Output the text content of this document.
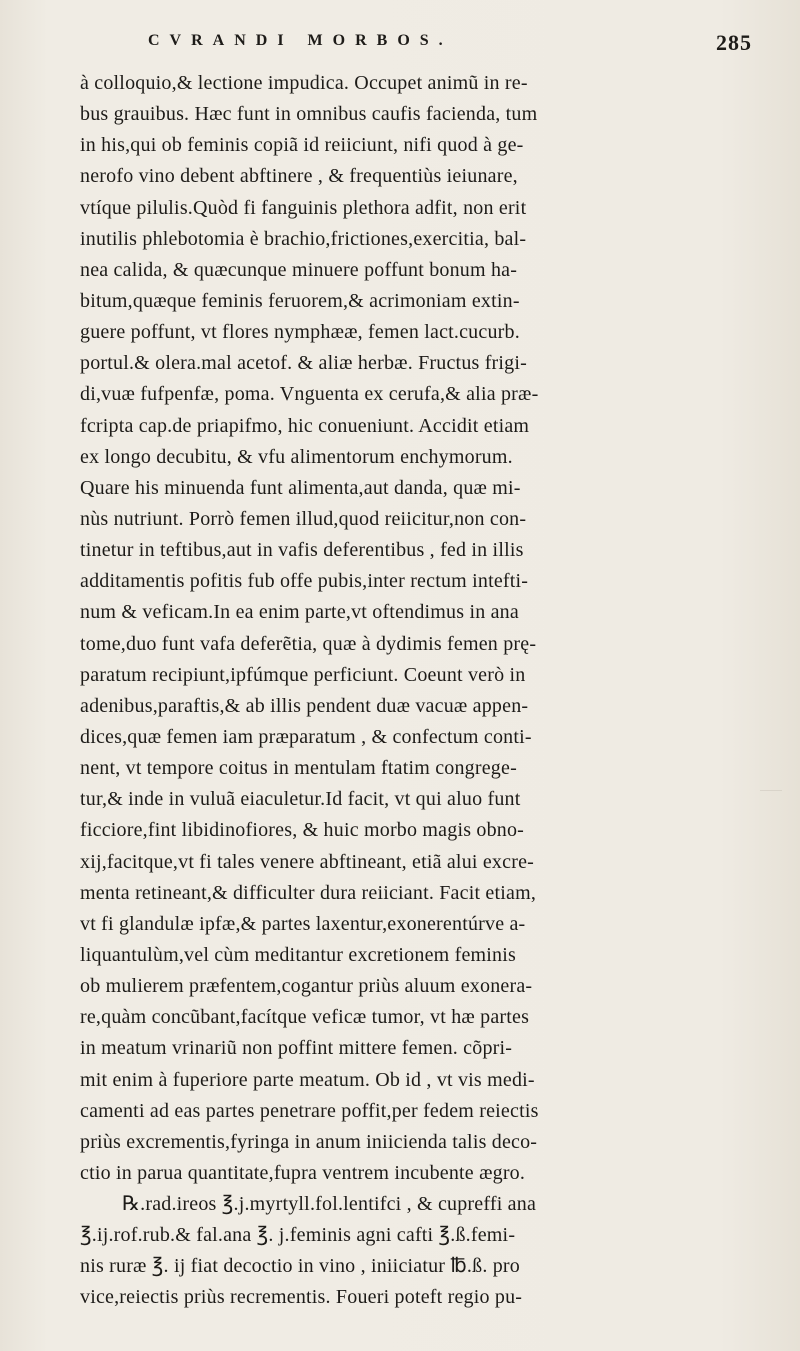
CVRANDI MORBOS.	285
à colloquio,& lectione impudica. Occupet animũ in re-
bus grauibus. Hæc funt in omnibus caufis facienda, tum
in his,qui ob feminis copiã id reiiciunt, nifi quod à ge-
nerofo vino debent abftinere , & frequentiùs ieiunare,
vtíque pilulis.Quòd fi fanguinis plethora adfit, non erit
inutilis phlebotomia è brachio,frictiones,exercitia, bal-
nea calida, & quæcunque minuere poffunt bonum ha-
bitum,quæque feminis feruorem,& acrimoniam extin-
guere poffunt, vt flores nymphææ, femen lact.cucurb.
portul.& olera.mal acetof. & aliæ herbæ. Fructus frigi-
di,vuæ fufpenfæ, poma. Vnguenta ex cerufa,& alia præ-
fcripta cap.de priapifmo, hic conueniunt. Accidit etiam
ex longo decubitu, & vfu alimentorum enchymorum.
Quare his minuenda funt alimenta,aut danda, quæ mi-
nùs nutriunt. Porrò femen illud,quod reiicitur,non con-
tinetur in teftibus,aut in vafis deferentibus , fed in illis
additamentis pofitis fub offe pubis,inter rectum intefti-
num & veficam.In ea enim parte,vt oftendimus in ana
tome,duo funt vafa deferẽtia, quæ à dydimis femen prę-
paratum recipiunt,ipfúmque perficiunt. Coeunt verò in
adenibus,paraftis,& ab illis pendent duæ vacuæ appen-
dices,quæ femen iam præparatum , & confectum conti-
nent, vt tempore coitus in mentulam ftatim congrege-
tur,& inde in vuluã eiaculetur.Id facit, vt qui aluo funt
ficciore,fint libidinofiores, & huic morbo magis obno-
xij,facitque,vt fi tales venere abftineant, etiã alui excre-
menta retineant,& difficulter dura reiiciant. Facit etiam,
vt fi glandulæ ipfæ,& partes laxentur,exonerentúrve a-
liquantulùm,vel cùm meditantur excretionem feminis
ob mulierem præfentem,cogantur priùs aluum exonera-
re,quàm concũbant,facítque veficæ tumor, vt hæ partes
in meatum vrinariũ non poffint mittere femen. cõpri-
mit enim à fuperiore parte meatum. Ob id , vt vis medi-
camenti ad eas partes penetrare poffit,per fedem reiectis
priùs excrementis,fyringa in anum iniicienda talis deco-
ctio in parua quantitate,fupra ventrem incubente ægro.
℞.rad.ireos ℥.j.myrtyll.fol.lentifci , & cupreffi ana
℥.ij.rof.rub.& fal.ana ℥. j.feminis agni cafti ℥.ß.femi-
nis ruræ ℥. ij fiat decoctio in vino , iniiciatur ℔.ß. pro
vice,reiectis priùs recrementis. Foueri poteft regio pu-
